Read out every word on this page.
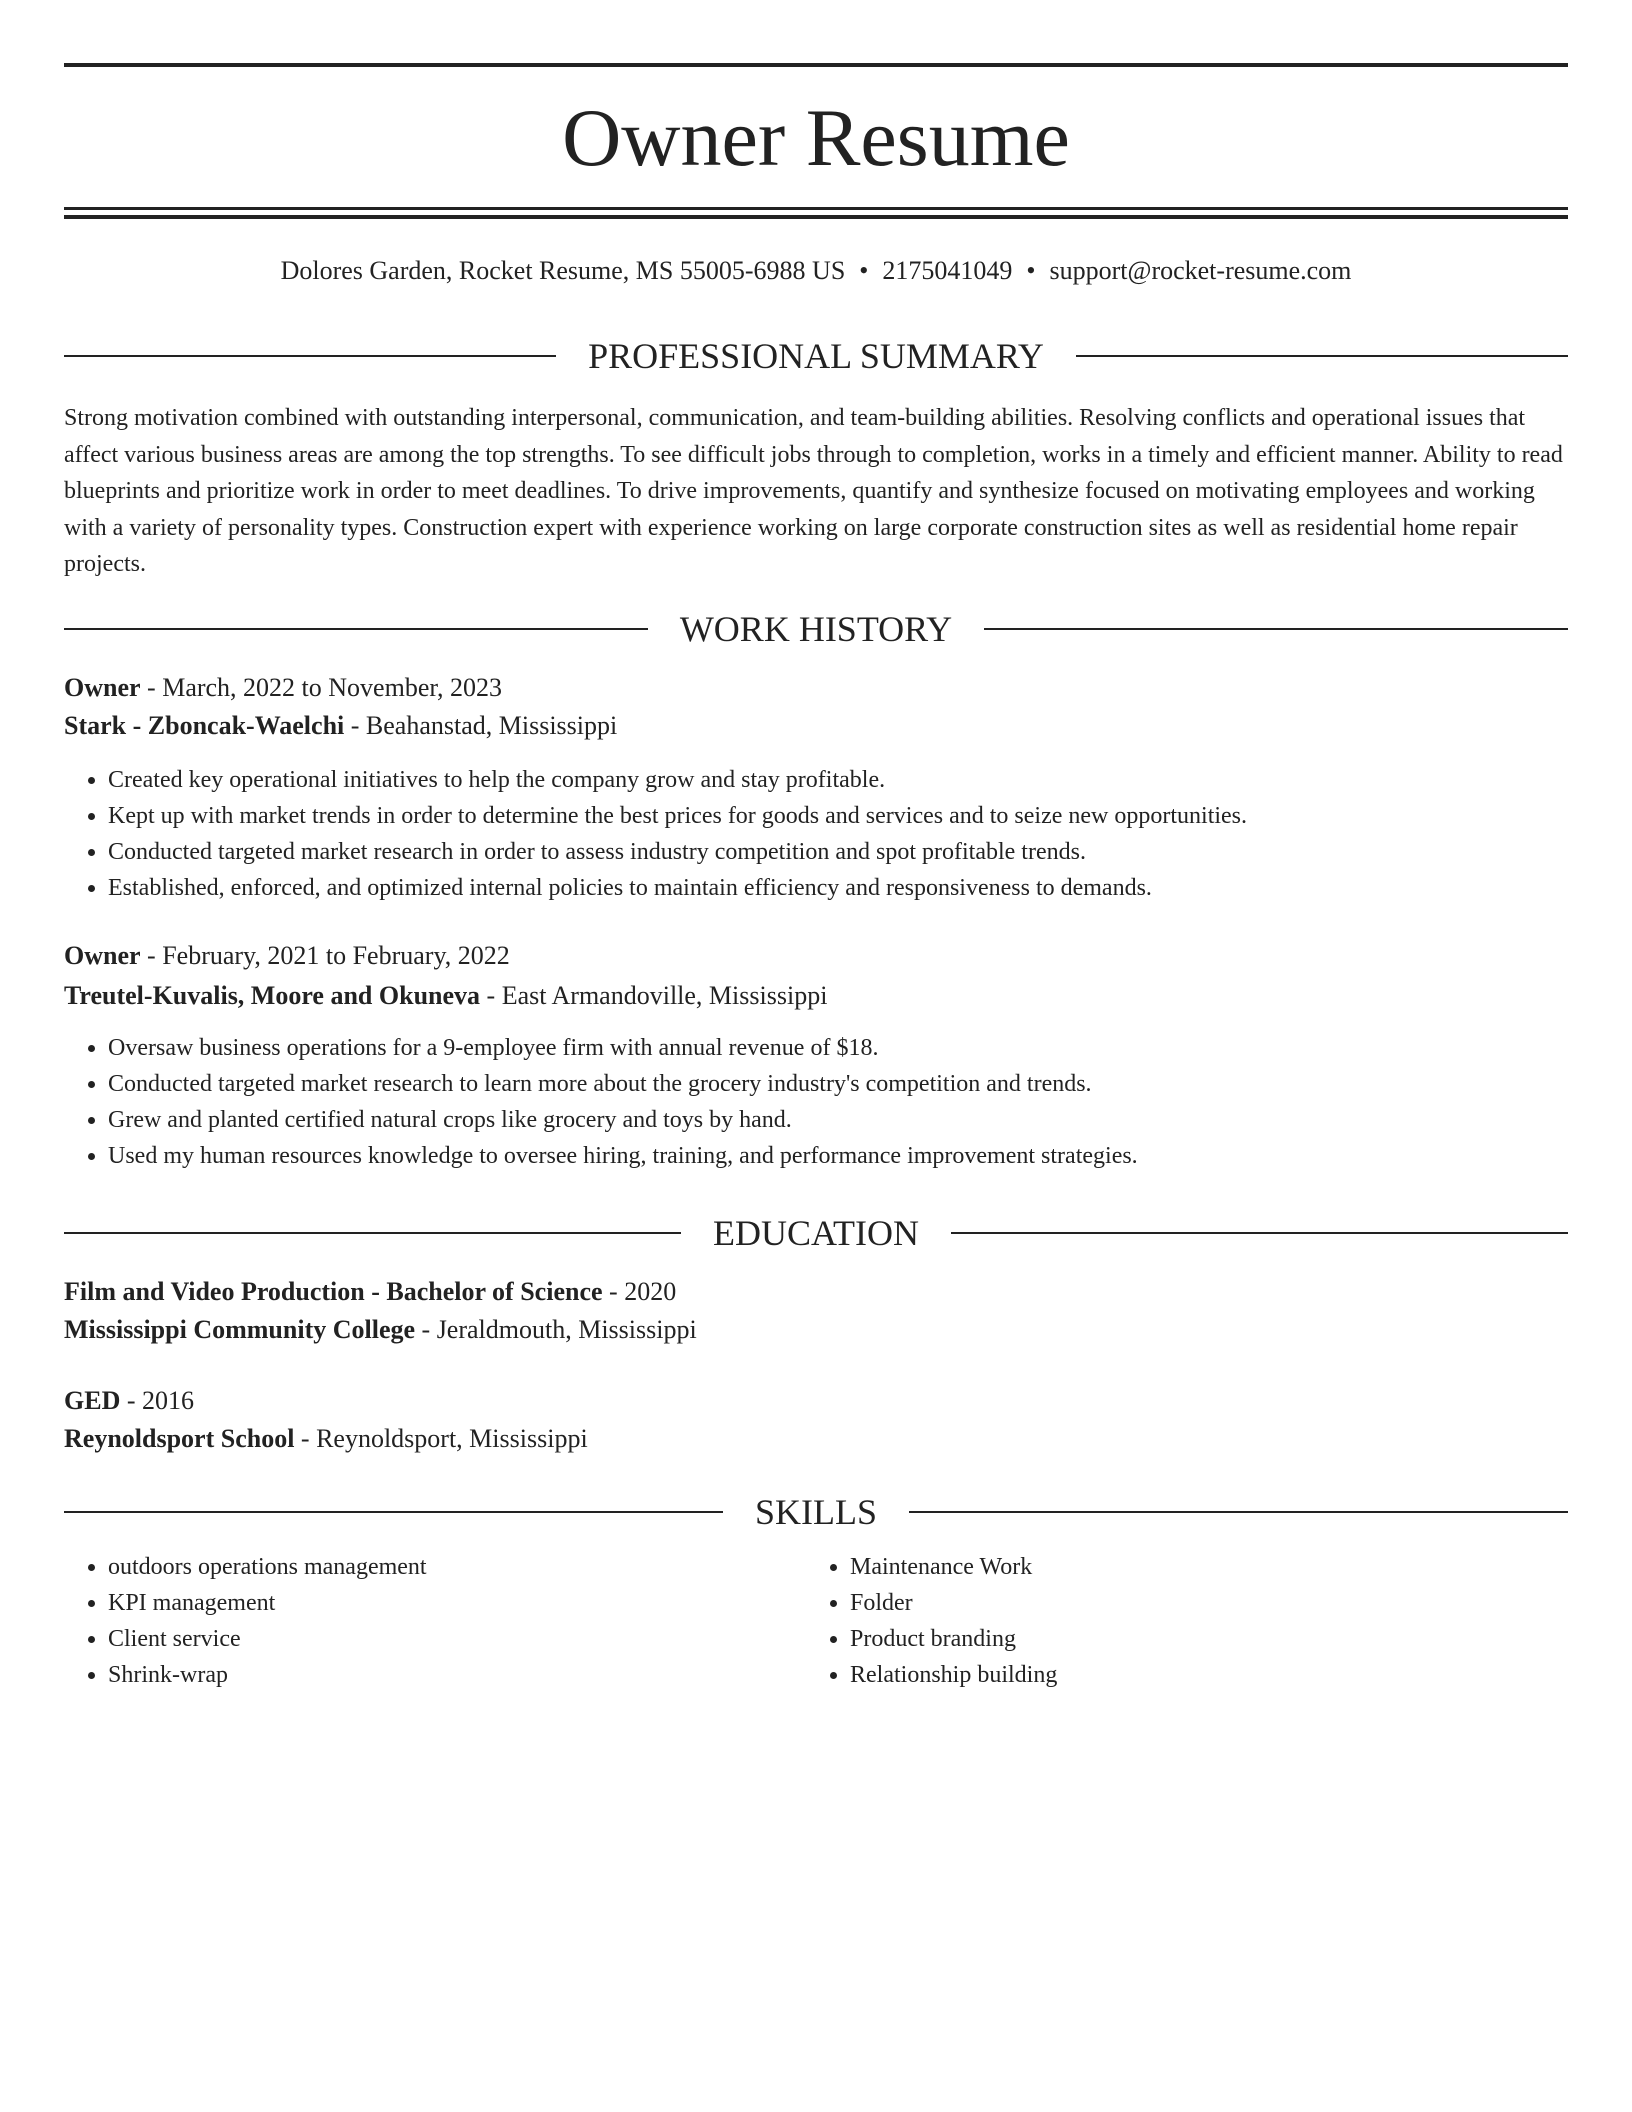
Owner Resume
Dolores Garden, Rocket Resume, MS 55005-6988 US • 2175041049 • support@rocket-resume.com
PROFESSIONAL SUMMARY

Strong motivation combined with outstanding interpersonal, communication, and team-building abilities. Resolving conflicts and operational issues that affect various business areas are among the top strengths. To see difficult jobs through to completion, works in a timely and efficient manner. Ability to read blueprints and prioritize work in order to meet deadlines. To drive improvements, quantify and synthesize focused on motivating employees and working with a variety of personality types. Construction expert with experience working on large corporate construction sites as well as residential home repair projects.

WORK HISTORY
Owner - March, 2022 to November, 2023
Stark - Zboncak-Waelchi - Beahanstad, Mississippi
• Created key operational initiatives to help the company grow and stay profitable.
• Kept up with market trends in order to determine the best prices for goods and services and to seize new opportunities.
• Conducted targeted market research in order to assess industry competition and spot profitable trends.
• Established, enforced, and optimized internal policies to maintain efficiency and responsiveness to demands.
Owner - February, 2021 to February, 2022
Treutel-Kuvalis, Moore and Okuneva - East Armandoville, Mississippi
• Oversaw business operations for a 9-employee firm with annual revenue of $18.
• Conducted targeted market research to learn more about the grocery industry's competition and trends.
• Grew and planted certified natural crops like grocery and toys by hand.
• Used my human resources knowledge to oversee hiring, training, and performance improvement strategies.
EDUCATION
Film and Video Production - Bachelor of Science - 2020
Mississippi Community College - Jeraldmouth, Mississippi
GED - 2016
Reynoldsport School - Reynoldsport, Mississippi
SKILLS
• outdoors operations management
• KPI management
• Client service
• Shrink-wrap
• Maintenance Work
• Folder
• Product branding
• Relationship building
